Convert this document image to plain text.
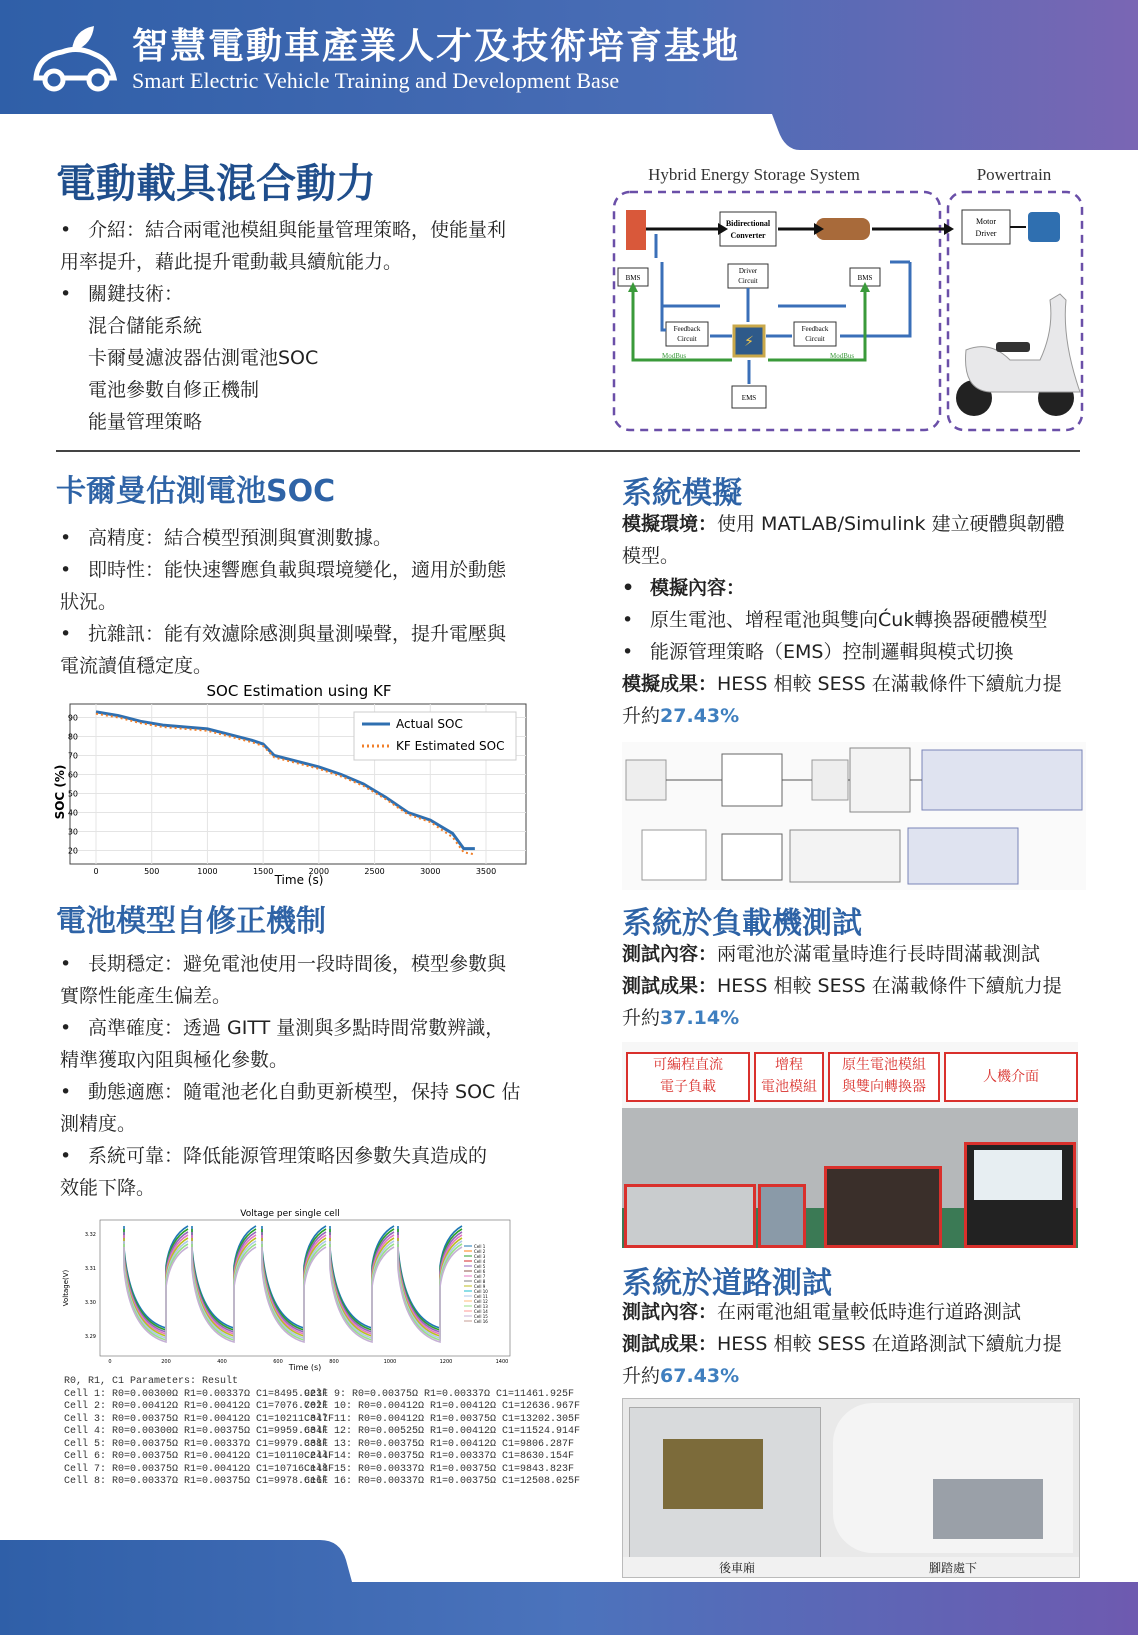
智慧電動車產業人才及技術培育基地
Smart Electric Vehicle Training and Development Base
電動載具混合動力

• 介紹：結合兩電池模組與能量管理策略，使能量利

用率提升，藉此提升電動載具續航能力。

• 關鍵技術：

混合儲能系統

卡爾曼濾波器估測電池SOC

電池參數自修正機制

能量管理策略

Hybrid Energy Storage System	Powertrain
Bidirectional
Converter
BMS	BMS
Driver
Circuit
Feedback
Circuit
Feedback
Circuit
⚡
ModBus	ModBus
EMS
Motor
Driver
卡爾曼估測電池SOC

• 高精度：結合模型預測與實測數據。

• 即時性：能快速響應負載與環境變化，適用於動態

狀況。

• 抗雜訊：能有效濾除感測與量測噪聲，提升電壓與

電流讀值穩定度。

SOC Estimation using KF
0	500	1000	1500	2000	2500	3000	3500
20
30
40
50
60
70
80
90
Time (s)
SOC (%)
Actual SOC
KF Estimated SOC
電池模型自修正機制

• 長期穩定：避免電池使用一段時間後，模型參數與

實際性能產生偏差。

• 高準確度：透過 GITT 量測與多點時間常數辨識，

精準獲取內阻與極化參數。

• 動態適應：隨電池老化自動更新模型，保持 SOC 估

測精度。

• 系統可靠：降低能源管理策略因參數失真造成的

效能下降。

Voltage per single cell
Time (s)
Voltage(V)
0	200	400	600	800	1000	1200	1400
3.32
3.31
3.30
3.29
Cell 1
Cell 2
Cell 3
Cell 4
Cell 5
Cell 6
Cell 7
Cell 8
Cell 9
Cell 10
Cell 11
Cell 12
Cell 13
Cell 14
Cell 15
Cell 16
R0, R1, C1 Parameters: Result
Cell 1: R0=0.00300Ω R1=0.00337Ω C1=8495.923F
Cell 2: R0=0.00412Ω R1=0.00412Ω C1=7076.702F
Cell 3: R0=0.00375Ω R1=0.00412Ω C1=10211.347F
Cell 4: R0=0.00300Ω R1=0.00375Ω C1=9959.634F
Cell 5: R0=0.00375Ω R1=0.00337Ω C1=9979.338F
Cell 6: R0=0.00375Ω R1=0.00412Ω C1=10110.244F
Cell 7: R0=0.00375Ω R1=0.00412Ω C1=10716.148F
Cell 8: R0=0.00337Ω R1=0.00375Ω C1=9978.616F
Cell 9: R0=0.00375Ω R1=0.00337Ω C1=11461.925F
Cell 10: R0=0.00412Ω R1=0.00412Ω C1=12636.967F
Cell 11: R0=0.00412Ω R1=0.00375Ω C1=13202.305F
Cell 12: R0=0.00525Ω R1=0.00412Ω C1=11524.914F
Cell 13: R0=0.00375Ω R1=0.00412Ω C1=9806.287F
Cell 14: R0=0.00375Ω R1=0.00337Ω C1=8630.154F
Cell 15: R0=0.00337Ω R1=0.00375Ω C1=9843.823F
Cell 16: R0=0.00337Ω R1=0.00375Ω C1=12508.025F
系統模擬

模擬環境：使用 MATLAB/Simulink 建立硬體與韌體

模型。

• 模擬內容：

• 原生電池、增程電池與雙向Ćuk轉換器硬體模型

• 能源管理策略（EMS）控制邏輯與模式切換

模擬成果：HESS 相較 SESS 在滿載條件下續航力提

升約27.43%

系統於負載機測試

測試內容：兩電池於滿電量時進行長時間滿載測試

測試成果：HESS 相較 SESS 在滿載條件下續航力提

升約37.14%

可編程直流
電子負載
增程
電池模組
原生電池模組
與雙向轉換器
人機介面
系統於道路測試

測試內容：在兩電池組電量較低時進行道路測試

測試成果：HESS 相較 SESS 在道路測試下續航力提

升約67.43%

後車廂	腳踏處下
